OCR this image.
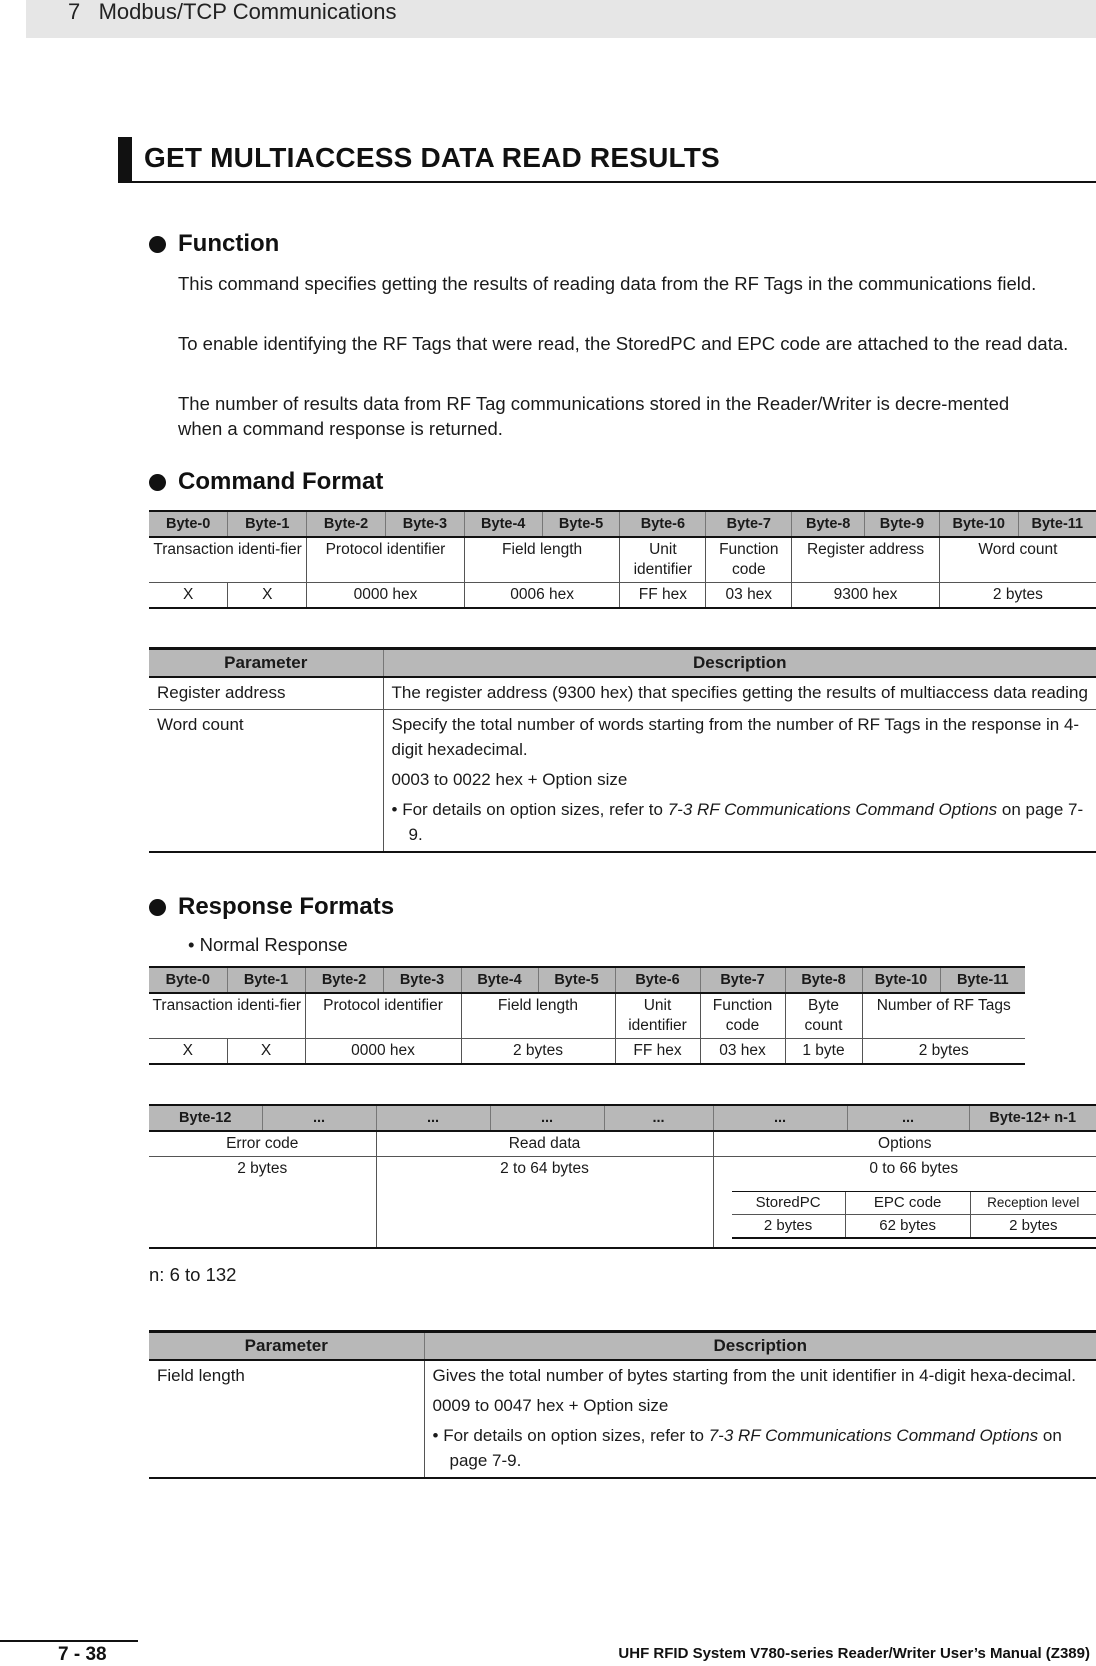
7 Modbus/TCP Communications
GET MULTIACCESS DATA READ RESULTS
Function
This command specifies getting the results of reading data from the RF Tags in the communications field.
To enable identifying the RF Tags that were read, the StoredPC and EPC code are attached to the read data.
The number of results data from RF Tag communications stored in the Reader/Writer is decre-mented when a command response is returned.
Command Format
Byte-0	Byte-1	Byte-2	Byte-3	Byte-4	Byte-5	Byte-6	Byte-7	Byte-8	Byte-9	Byte-10	Byte-11
Transaction identi-fier		Protocol identifier		Field length		Unit identifier	Function code	Register address		Word count	
X	X	0000 hex		0006 hex		FF hex	03 hex	9300 hex		2 bytes	
Parameter	Description
Register address	The register address (9300 hex) that specifies getting the results of multiaccess data reading

Word count	Specify the total number of words starting from the number of RF Tags in the response in 4-digit hexadecimal.

0003 to 0022 hex + Option size

• For details on option sizes, refer to 7-3 RF Communications Command Options on page 7-9.

Response Formats
• Normal Response
Byte-0	Byte-1	Byte-2	Byte-3	Byte-4	Byte-5	Byte-6	Byte-7	Byte-8	Byte-10	Byte-11
Transaction identi-fier		Protocol identifier		Field length		Unit identifier	Function code	Byte count	Number of RF Tags	
X	X	0000 hex		2 bytes		FF hex	03 hex	1 byte	2 bytes	
Byte-12	...	...	...	...	...	...	Byte-12+ n-1
Error code	Read data	Options
2 bytes	2 to 64 bytes	0 to 66 bytes
StoredPC	EPC code	Reception level
2 bytes	62 bytes	2 bytes
n: 6 to 132
Parameter	Description
Field length	Gives the total number of bytes starting from the unit identifier in 4-digit hexa-decimal.

0009 to 0047 hex + Option size

• For details on option sizes, refer to 7-3 RF Communications Command Options on page 7-9.

7 - 38	UHF RFID System V780-series Reader/Writer User’s Manual (Z389)
